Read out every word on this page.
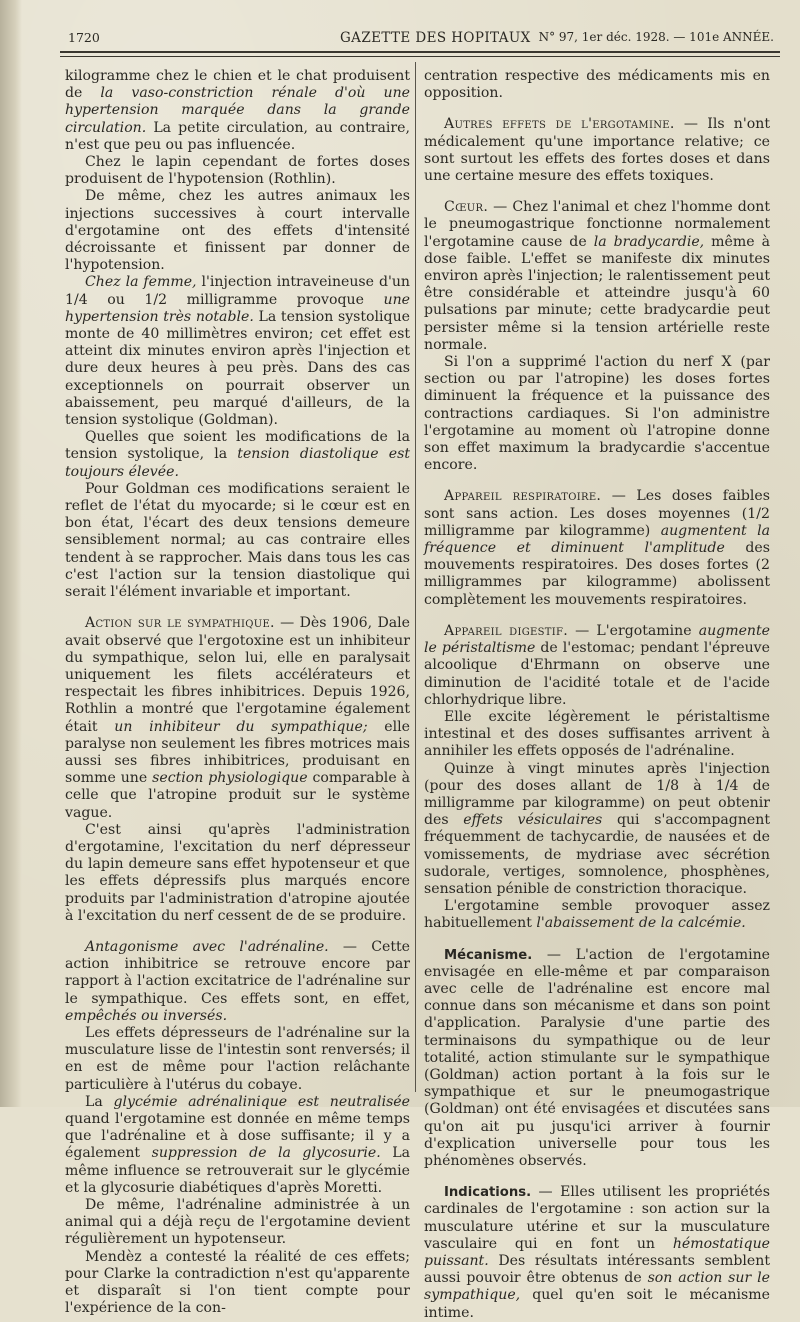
1720	GAZETTE DES HOPITAUX N° 97, 1er déc. 1928. — 101e ANNÉE.

kilogramme chez le chien et le chat produisent de la vaso-constriction rénale d'où une hypertension marquée dans la grande circulation. La petite circulation, au contraire, n'est que peu ou pas influencée.

Chez le lapin cependant de fortes doses produisent de l'hypotension (Rothlin).

De même, chez les autres animaux les injections successives à court intervalle d'ergotamine ont des effets d'intensité décroissante et finissent par donner de l'hypotension.

Chez la femme, l'injection intraveineuse d'un 1/4 ou 1/2 milligramme provoque une hypertension très notable. La tension systolique monte de 40 millimètres environ; cet effet est atteint dix minutes environ après l'injection et dure deux heures à peu près. Dans des cas exceptionnels on pourrait observer un abaissement, peu marqué d'ailleurs, de la tension systolique (Goldman).

Quelles que soient les modifications de la tension systolique, la tension diastolique est toujours élevée.

Pour Goldman ces modifications seraient le reflet de l'état du myocarde; si le cœur est en bon état, l'écart des deux tensions demeure sensiblement normal; au cas contraire elles tendent à se rapprocher. Mais dans tous les cas c'est l'action sur la tension diastolique qui serait l'élément invariable et important.

Action sur le sympathique. — Dès 1906, Dale avait observé que l'ergotoxine est un inhibiteur du sympathique, selon lui, elle en paralysait uniquement les filets accélérateurs et respectait les fibres inhibitrices. Depuis 1926, Rothlin a montré que l'ergotamine également était un inhibiteur du sympathique; elle paralyse non seulement les fibres motrices mais aussi ses fibres inhibitrices, produisant en somme une section physiologique comparable à celle que l'atropine produit sur le système vague.

C'est ainsi qu'après l'administration d'ergotamine, l'excitation du nerf dépresseur du lapin demeure sans effet hypotenseur et que les effets dépressifs plus marqués encore produits par l'administration d'atropine ajoutée à l'excitation du nerf cessent de de se produire.

Antagonisme avec l'adrénaline. — Cette action inhibitrice se retrouve encore par rapport à l'action excitatrice de l'adrénaline sur le sympathique. Ces effets sont, en effet, empêchés ou inversés.

Les effets dépresseurs de l'adrénaline sur la musculature lisse de l'intestin sont renversés; il en est de même pour l'action relâchante particulière à l'utérus du cobaye.

La glycémie adrénalinique est neutralisée quand l'ergotamine est donnée en même temps que l'adrénaline et à dose suffisante; il y a également suppression de la glycosurie. La même influence se retrouverait sur le glycémie et la glycosurie diabétiques d'après Moretti.

De même, l'adrénaline administrée à un animal qui a déjà reçu de l'ergotamine devient régulièrement un hypotenseur.

Mendèz a contesté la réalité de ces effets; pour Clarke la contradiction n'est qu'apparente et disparaît si l'on tient compte pour l'expérience de la con-

centration respective des médicaments mis en opposition.

Autres effets de l'ergotamine. — Ils n'ont médicalement qu'une importance relative; ce sont surtout les effets des fortes doses et dans une certaine mesure des effets toxiques.

Cœur. — Chez l'animal et chez l'homme dont le pneumogastrique fonctionne normalement l'ergotamine cause de la bradycardie, même à dose faible. L'effet se manifeste dix minutes environ après l'injection; le ralentissement peut être considérable et atteindre jusqu'à 60 pulsations par minute; cette bradycardie peut persister même si la tension artérielle reste normale.

Si l'on a supprimé l'action du nerf X (par section ou par l'atropine) les doses fortes diminuent la fréquence et la puissance des contractions cardiaques. Si l'on administre l'ergotamine au moment où l'atropine donne son effet maximum la bradycardie s'accentue encore.

Appareil respiratoire. — Les doses faibles sont sans action. Les doses moyennes (1/2 milligramme par kilogramme) augmentent la fréquence et diminuent l'amplitude des mouvements respiratoires. Des doses fortes (2 milligrammes par kilogramme) abolissent complètement les mouvements respiratoires.

Appareil digestif. — L'ergotamine augmente le péristaltisme de l'estomac; pendant l'épreuve alcoolique d'Ehrmann on observe une diminution de l'acidité totale et de l'acide chlorhydrique libre.

Elle excite légèrement le péristaltisme intestinal et des doses suffisantes arrivent à annihiler les effets opposés de l'adrénaline.

Quinze à vingt minutes après l'injection (pour des doses allant de 1/8 à 1/4 de milligramme par kilogramme) on peut obtenir des effets vésiculaires qui s'accompagnent fréquemment de tachycardie, de nausées et de vomissements, de mydriase avec sécrétion sudorale, vertiges, somnolence, phosphènes, sensation pénible de constriction thoracique.

L'ergotamine semble provoquer assez habituellement l'abaissement de la calcémie.

Mécanisme. — L'action de l'ergotamine envisagée en elle-même et par comparaison avec celle de l'adrénaline est encore mal connue dans son mécanisme et dans son point d'application. Paralysie d'une partie des terminaisons du sympathique ou de leur totalité, action stimulante sur le sympathique (Goldman) action portant à la fois sur le sympathique et sur le pneumogastrique (Goldman) ont été envisagées et discutées sans qu'on ait pu jusqu'ici arriver à fournir d'explication universelle pour tous les phénomènes observés.

Indications. — Elles utilisent les propriétés cardinales de l'ergotamine : son action sur la musculature utérine et sur la musculature vasculaire qui en font un hémostatique puissant. Des résultats intéressants semblent aussi pouvoir être obtenus de son action sur le sympathique, quel qu'en soit le mécanisme intime.
